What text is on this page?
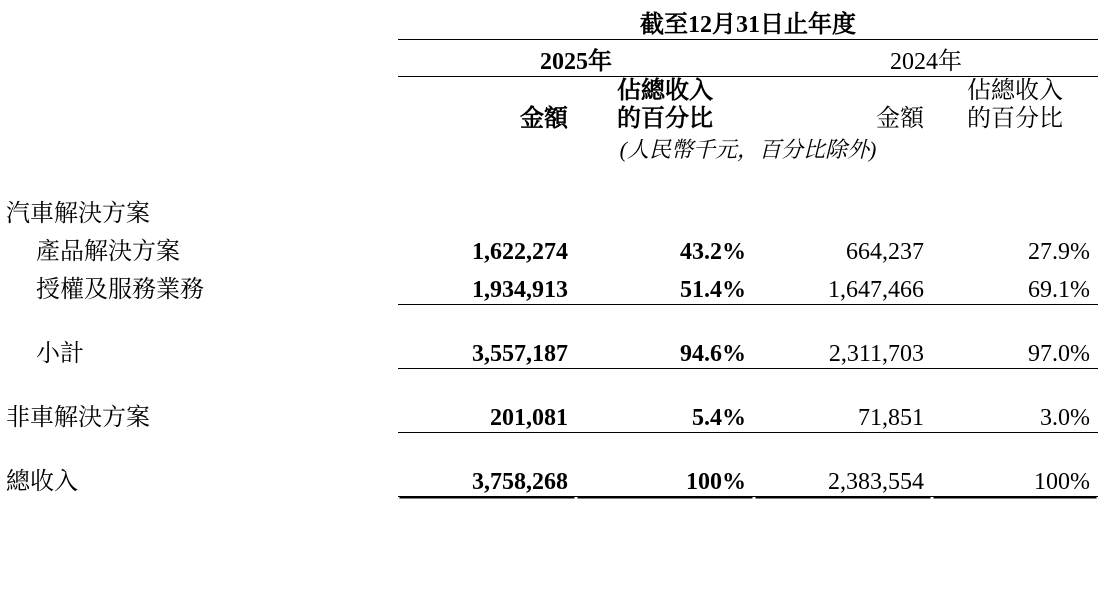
	截至12月31日止年度			
	2025年		2024年	
		佔總收入		佔總收入
	金額	的百分比	金額	的百分比
	(人民幣千元，百分比除外)			

汽車解決方案				
產品解決方案	1,622,274	43.2%	664,237	27.9%
授權及服務業務	1,934,913	51.4%	1,647,466	69.1%

小計	3,557,187	94.6%	2,311,703	97.0%

非車解決方案	201,081	5.4%	71,851	3.0%

總收入	3,758,268	100%	2,383,554	100%
